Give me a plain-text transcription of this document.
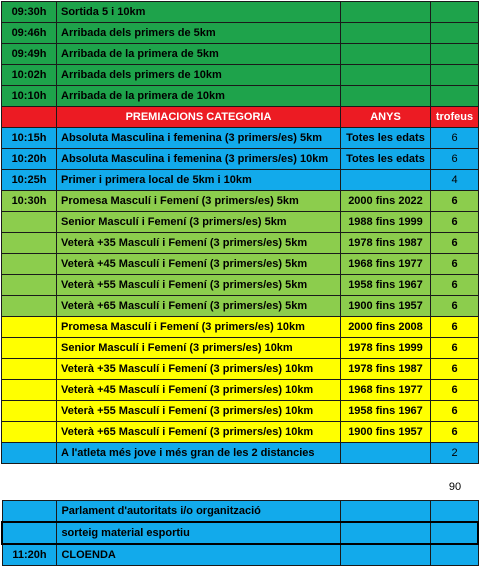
09:30h	Sortida 5 i 10km		
09:46h	Arribada dels primers de 5km		
09:49h	Arribada de la primera de 5km		
10:02h	Arribada dels primers de 10km		
10:10h	Arribada de la primera de 10km		
	PREMIACIONS CATEGORIA	ANYS	trofeus
10:15h	Absoluta Masculina i femenina (3 primers/es) 5km	Totes les edats	6
10:20h	Absoluta Masculina i femenina (3 primers/es) 10km	Totes les edats	6
10:25h	Primer i primera local de 5km i 10km		4
10:30h	Promesa Masculí i Femení (3 primers/es) 5km	2000 fins 2022	6
	Senior Masculí i Femení (3 primers/es) 5km	1988 fins 1999	6
	Veterà +35 Masculí i Femení (3 primers/es) 5km	1978 fins 1987	6
	Veterà +45 Masculí i Femení (3 primers/es) 5km	1968 fins 1977	6
	Veterà +55 Masculí i Femení (3 primers/es) 5km	1958 fins 1967	6
	Veterà +65 Masculí i Femení (3 primers/es) 5km	1900 fins 1957	6
	Promesa Masculí i Femení (3 primers/es) 10km	2000 fins 2008	6
	Senior Masculí i Femení (3 primers/es) 10km	1978 fins 1999	6
	Veterà +35 Masculí i Femení (3 primers/es) 10km	1978 fins 1987	6
	Veterà +45 Masculí i Femení (3 primers/es) 10km	1968 fins 1977	6
	Veterà +55 Masculí i Femení (3 primers/es) 10km	1958 fins 1967	6
	Veterà +65 Masculí i Femení (3 primers/es) 10km	1900 fins 1957	6
	A l'atleta més jove i més gran de les 2 distancies		2
90
	Parlament d'autoritats i/o organització		
	sorteig material esportiu		
11:20h	CLOENDA		
